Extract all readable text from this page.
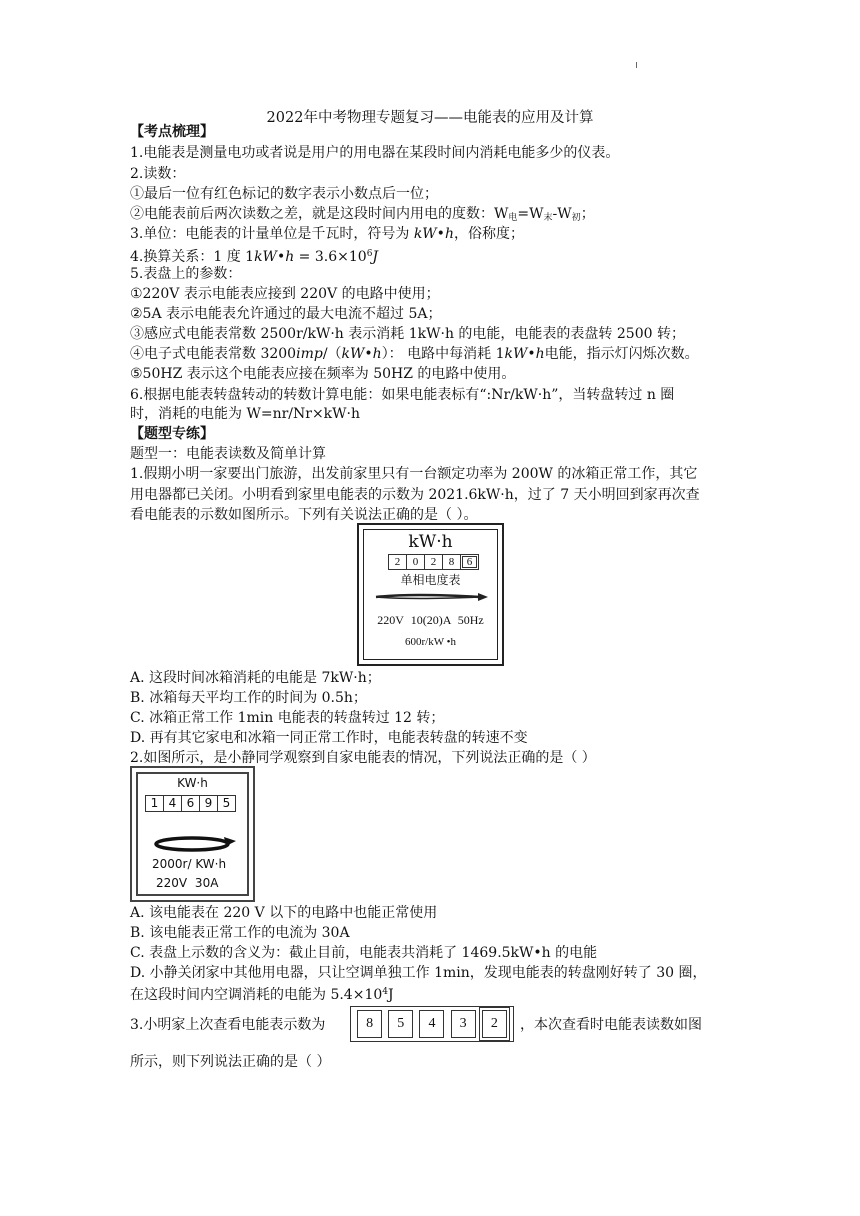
2022年中考物理专题复习——电能表的应用及计算
【考点梳理】
1.电能表是测量电功或者说是用户的用电器在某段时间内消耗电能多少的仪表。
2.读数：
①最后一位有红色标记的数字表示小数点后一位；
②电能表前后两次读数之差，就是这段时间内用电的度数：$W_电=W_末-W_初$；
3.单位：电能表的计量单位是千瓦时，符号为 kW•h，俗称度；
4.换算关系：1 度 1kW•h = $3.6\times 10^6J$
5.表盘上的参数：
①220V 表示电能表应接到 220V 的电路中使用；
②5A 表示电能表允许通过的最大电流不超过 5A；
③感应式电能表常数 2500r/kW·h 表示消耗 1kW·h 的电能，电能表的表盘转 2500 转；
④电子式电能表常数 3200imp/（kW•h）： 电路中每消耗 1kW•h电能，指示灯闪烁次数。
⑤50HZ 表示这个电能表应接在频率为 50HZ 的电路中使用。
6.根据电能表转盘转动的转数计算电能：如果电能表标有“:Nr/kW·h”，当转盘转过 n 圈
时，消耗的电能为 W=nr/Nr×kW·h
【题型专练】
题型一：电能表读数及简单计算
1.假期小明一家要出门旅游，出发前家里只有一台额定功率为 200W 的冰箱正常工作，其它
用电器都已关闭。小明看到家里电能表的示数为 2021.6kW·h，过了 7 天小明回到家再次查
看电能表的示数如图所示。下列有关说法正确的是（ ）。
kW·h
2	0	2	8	6
单相电度表
220V 10(20)A 50Hz
600r/kW •h
A. 这段时间冰箱消耗的电能是 7kW·h；
B. 冰箱每天平均工作的时间为 0.5h；
C. 冰箱正常工作 1min 电能表的转盘转过 12 转；
D. 再有其它家电和冰箱一同正常工作时，电能表转盘的转速不变
2.如图所示，是小静同学观察到自家电能表的情况，下列说法正确的是（ ）
KW·h
1 4 6 9 5
2000r/ KW·h
220V 30A
A. 该电能表在 220 V 以下的电路中也能正常使用
B. 该电能表正常工作的电流为 30A
C. 表盘上示数的含义为：截止目前，电能表共消耗了 1469.5kW•h 的电能
D. 小静关闭家中其他用电器，只让空调单独工作 1min，发现电能表的转盘刚好转了 30 圈，
在这段时间内空调消耗的电能为 $5.4\times 10^4J$
3.小明家上次查看电能表示数为	8	5	4	3	2	，本次查看时电能表读数如图
所示，则下列说法正确的是（ ）
